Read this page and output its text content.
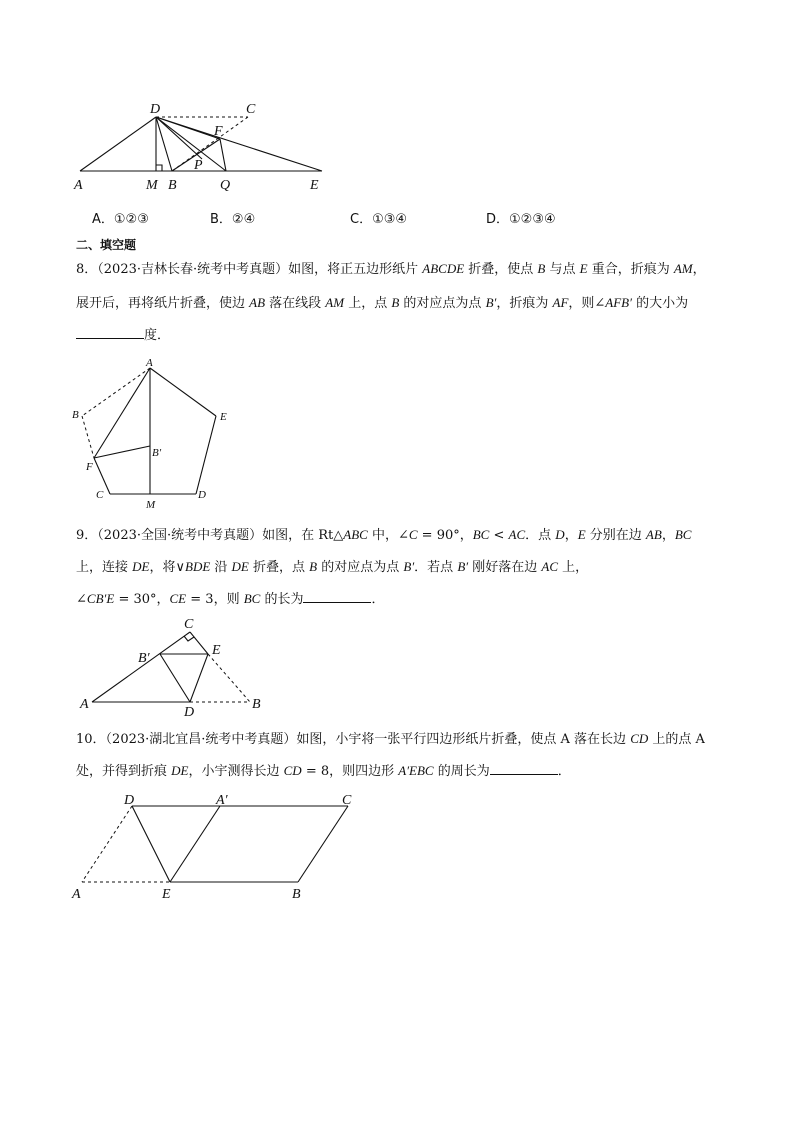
D	C
F
P
A	M B	Q	E
A．①②③	B．②④	C．①③④	D．①②③④
二、填空题
8．（2023·吉林长春·统考中考真题）如图，将正五边形纸片 ABCDE 折叠，使点 B 与点 E 重合，折痕为 AM，
展开后，再将纸片折叠，使边 AB 落在线段 AM 上，点 B 的对应点为点 B′，折痕为 AF，则∠AFB′ 的大小为
度．
A
B	E
B′
F
C
M
D
9．（2023·全国·统考中考真题）如图，在 Rt△ABC 中，∠C = 90°，BC < AC．点 D，E 分别在边 AB，BC
上，连接 DE，将∨BDE 沿 DE 折叠，点 B 的对应点为点 B′．若点 B′ 刚好落在边 AC 上，
∠CB′E = 30°，CE = 3，则 BC 的长为	．
C
B′
E
A
D
B
10．（2023·湖北宜昌·统考中考真题）如图，小宇将一张平行四边形纸片折叠，使点 A 落在长边 CD 上的点 A
处，并得到折痕 DE，小宇测得长边 CD = 8，则四边形 A′EBC 的周长为	．
D	A′	C
A	E	B
